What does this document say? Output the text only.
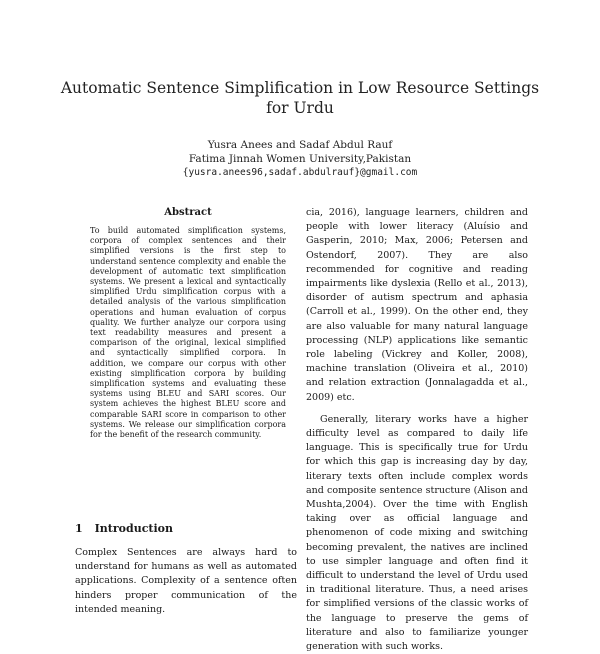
Automatic Sentence Simplification in Low Resource Settings for Urdu
Yusra Anees and Sadaf Abdul Rauf
Fatima Jinnah Women University,Pakistan
{yusra.anees96,sadaf.abdulrauf}@gmail.com
Abstract
To build automated simplification systems, corpora of complex sentences and their simplified versions is the first step to understand sentence complexity and enable the development of automatic text simplification systems. We present a lexical and syntactically simplified Urdu simplification corpus with a detailed analysis of the various simplification operations and human evaluation of corpus quality. We further analyze our corpora using text readability measures and present a comparison of the original, lexical simplified and syntactically simplified corpora. In addition, we compare our corpus with other existing simplification corpora by building simplification systems and evaluating these systems using BLEU and SARI scores. Our system achieves the highest BLEU score and comparable SARI score in comparison to other systems. We release our simplification corpora for the benefit of the research community.
1 Introduction
Complex Sentences are always hard to understand for humans as well as automated applications. Complexity of a sentence often hinders proper communication of the intended meaning.

cia, 2016), language learners, children and people with lower literacy (Aluísio and Gasperin, 2010; Max, 2006; Petersen and Ostendorf, 2007). They are also recommended for cognitive and reading impairments like dyslexia (Rello et al., 2013), disorder of autism spectrum and aphasia (Carroll et al., 1999). On the other end, they are also valuable for many natural language processing (NLP) applications like semantic role labeling (Vickrey and Koller, 2008), machine translation (Oliveira et al., 2010) and relation extraction (Jonnalagadda et al., 2009) etc.

Generally, literary works have a higher difficulty level as compared to daily life language. This is specifically true for Urdu for which this gap is increasing day by day, literary texts often include complex words and composite sentence structure (Alison and Mushta,2004). Over the time with English taking over as official language and phenomenon of code mixing and switching becoming prevalent, the natives are inclined to use simpler language and often find it difficult to understand the level of Urdu used in traditional literature. Thus, a need arises for simplified versions of the classic works of the language to preserve the gems of literature and also to familiarize younger generation with such works.
